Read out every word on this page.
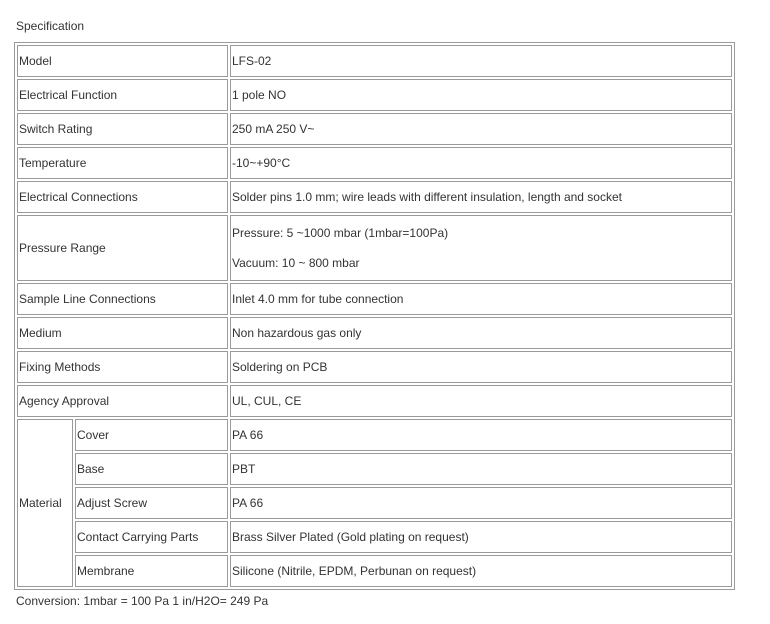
Specification
Model		LFS-02
Electrical Function		1 pole NO
Switch Rating		250 mA 250 V~
Temperature		-10~+90°C
Electrical Connections		Solder pins 1.0 mm; wire leads with different insulation, length and socket
Pressure Range		Pressure: 5 ~1000 mbar (1mbar=100Pa)
Vacuum: 10 ~ 800 mbar

Sample Line Connections		Inlet 4.0 mm for tube connection
Medium		Non hazardous gas only
Fixing Methods		Soldering on PCB
Agency Approval		UL, CUL, CE
Material	Cover	PA 66
	Base	PBT
	Adjust Screw	PA 66
	Contact Carrying Parts	Brass Silver Plated (Gold plating on request)
	Membrane	Silicone (Nitrile, EPDM, Perbunan on request)
Conversion: 1mbar = 100 Pa 1 in/H2O= 249 Pa
